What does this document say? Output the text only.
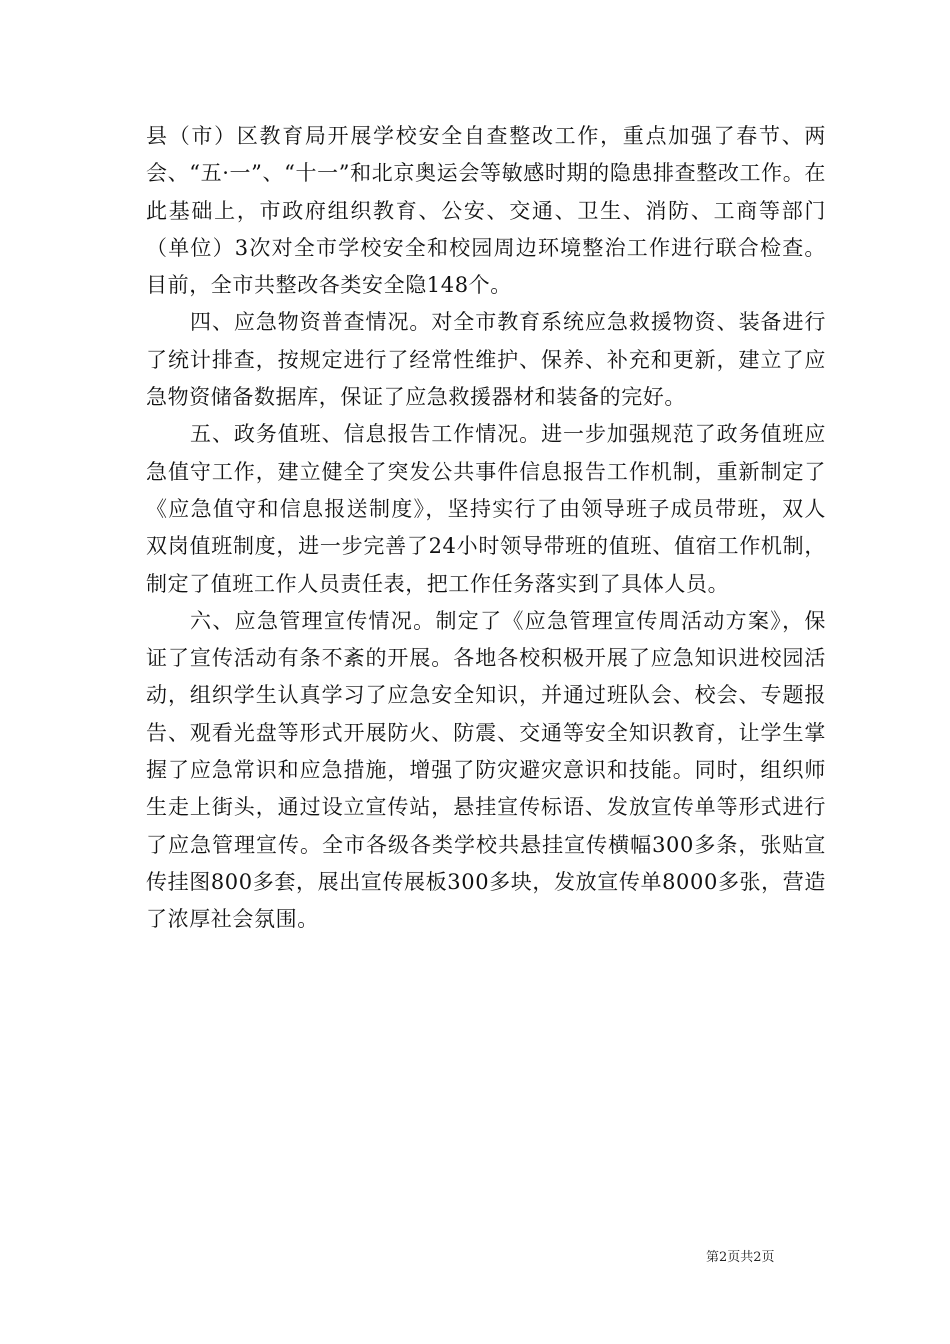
县（市）区教育局开展学校安全自查整改工作，重点加强了春节、两会、“五·一”、“十一”和北京奥运会等敏感时期的隐患排查整改工作。在此基础上，市政府组织教育、公安、交通、卫生、消防、工商等部门（单位）3次对全市学校安全和校园周边环境整治工作进行联合检查。目前，全市共整改各类安全隐148个。

四、应急物资普查情况。对全市教育系统应急救援物资、装备进行了统计排查，按规定进行了经常性维护、保养、补充和更新，建立了应急物资储备数据库，保证了应急救援器材和装备的完好。

五、政务值班、信息报告工作情况。进一步加强规范了政务值班应急值守工作，建立健全了突发公共事件信息报告工作机制，重新制定了《应急值守和信息报送制度》，坚持实行了由领导班子成员带班，双人双岗值班制度，进一步完善了24小时领导带班的值班、值宿工作机制，制定了值班工作人员责任表，把工作任务落实到了具体人员。

六、应急管理宣传情况。制定了《应急管理宣传周活动方案》，保证了宣传活动有条不紊的开展。各地各校积极开展了应急知识进校园活动，组织学生认真学习了应急安全知识，并通过班队会、校会、专题报告、观看光盘等形式开展防火、防震、交通等安全知识教育，让学生掌握了应急常识和应急措施，增强了防灾避灾意识和技能。同时，组织师生走上街头，通过设立宣传站，悬挂宣传标语、发放宣传单等形式进行了应急管理宣传。全市各级各类学校共悬挂宣传横幅300多条，张贴宣传挂图800多套，展出宣传展板300多块，发放宣传单8000多张，营造了浓厚社会氛围。

第2页共2页
